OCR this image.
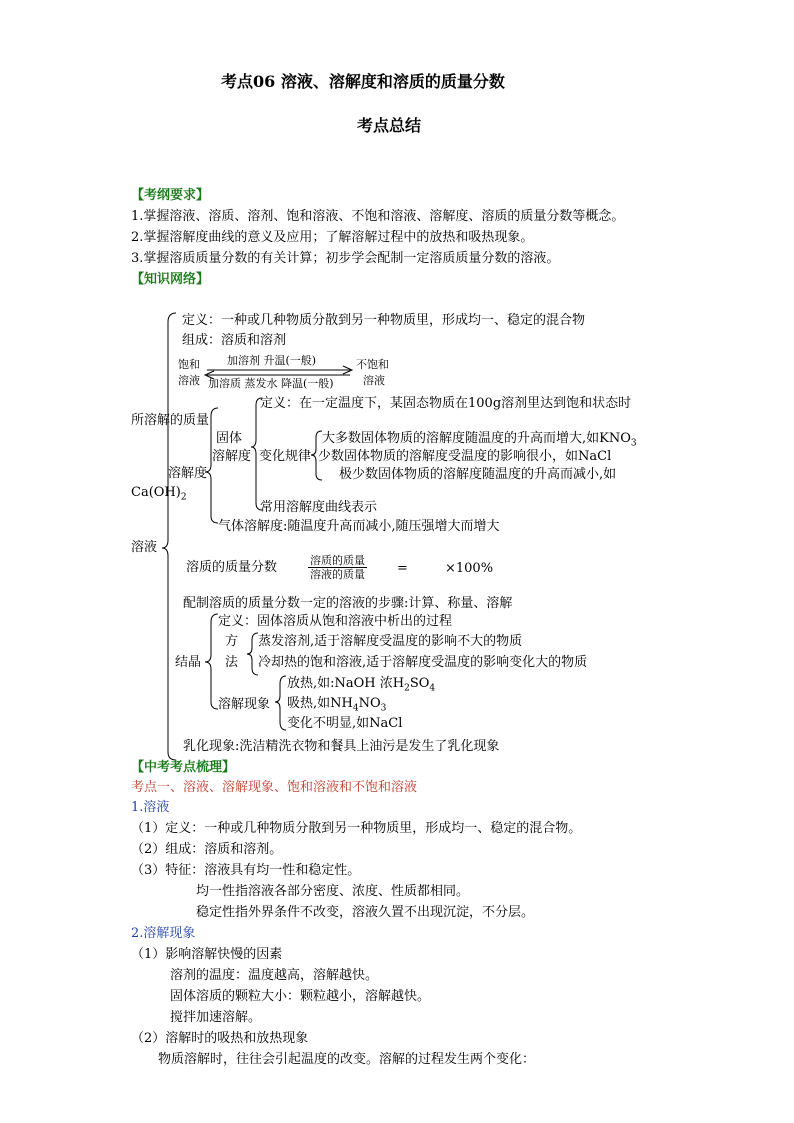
考点06 溶液、溶解度和溶质的质量分数
考点总结
【考纲要求】
1.掌握溶液、溶质、溶剂、饱和溶液、不饱和溶液、溶解度、溶质的质量分数等概念。
2.掌握溶解度曲线的意义及应用；了解溶解过程中的放热和吸热现象。
3.掌握溶质质量分数的有关计算；初步学会配制一定溶质质量分数的溶液。
【知识网络】
溶液
定义：一种或几种物质分散到另一种物质里，形成均一、稳定的混合物
组成：溶质和溶剂
饱和
溶液
加溶剂 升温(一般)
加溶质 蒸发水 降温(一般)
不饱和
溶液
溶解度
固体
溶解度
定义：在一定温度下，某固态物质在100g溶剂里达到饱和状态时
所溶解的质量
变化规律
大多数固体物质的溶解度随温度的升高而增大,如$KNO_3$
少数固体物质的溶解度受温度的影响很小，如NaCl
极少数固体物质的溶解度随温度的升高而减小,如
$Ca(OH)_2$
常用溶解度曲线表示
气体溶解度:随温度升高而减小,随压强增大而增大
溶质的质量分数	溶质的质量
溶液的质量 =	×100%
配制溶质的质量分数一定的溶液的步骤:计算、称量、溶解
结晶
定义：固体溶质从饱和溶液中析出的过程
方
法
蒸发溶剂,适于溶解度受温度的影响不大的物质
冷却热的饱和溶液,适于溶解度受温度的影响变化大的物质
溶解现象
放热,如:NaOH 浓$H_2SO_4$
吸热,如$NH_4NO_3$
变化不明显,如NaCl
乳化现象:洗洁精洗衣物和餐具上油污是发生了乳化现象
【中考考点梳理】
考点一、溶液、溶解现象、饱和溶液和不饱和溶液
1.溶液
（1）定义：一种或几种物质分散到另一种物质里，形成均一、稳定的混合物。
（2）组成：溶质和溶剂。
（3）特征：溶液具有均一性和稳定性。
均一性指溶液各部分密度、浓度、性质都相同。
稳定性指外界条件不改变，溶液久置不出现沉淀，不分层。
2.溶解现象
（1）影响溶解快慢的因素
溶剂的温度：温度越高，溶解越快。
固体溶质的颗粒大小：颗粒越小，溶解越快。
搅拌加速溶解。
（2）溶解时的吸热和放热现象
物质溶解时，往往会引起温度的改变。溶解的过程发生两个变化：
